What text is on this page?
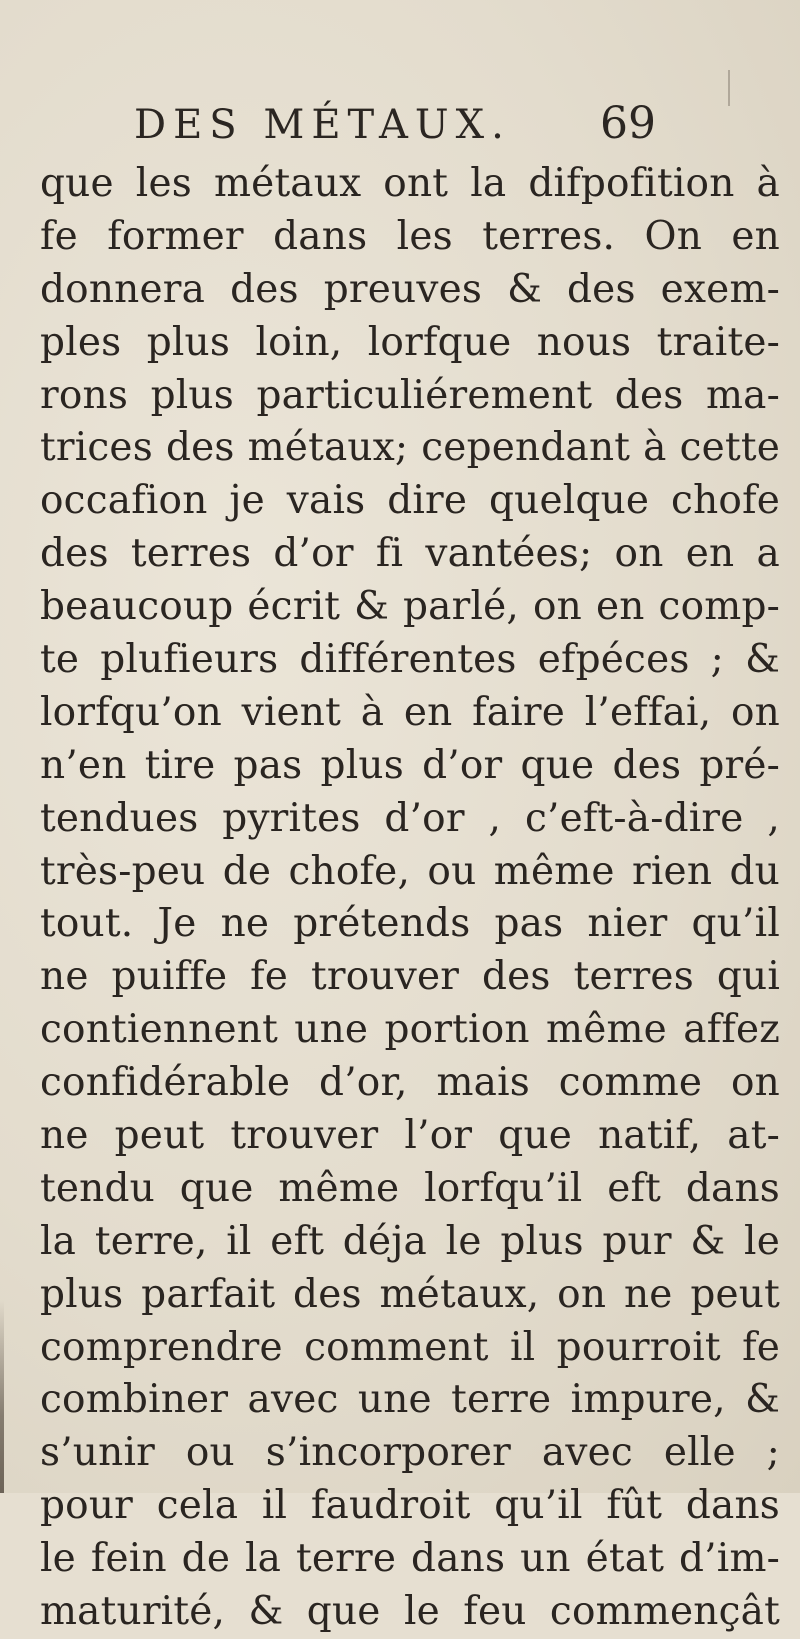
DES MÉTAUX. 69
que les métaux ont la difpofition à
fe former dans les terres. On en
donnera des preuves & des exem-
ples plus loin, lorfque nous traite-
rons plus particuliérement des ma-
trices des métaux; cependant à cette
occafion je vais dire quelque chofe
des terres d’or fi vantées; on en a
beaucoup écrit & parlé, on en comp-
te plufieurs différentes efpéces ; &
lorfqu’on vient à en faire l’effai, on
n’en tire pas plus d’or que des pré-
tendues pyrites d’or , c’eft-à-dire ,
très-peu de chofe, ou même rien du
tout. Je ne prétends pas nier qu’il
ne puiffe fe trouver des terres qui
contiennent une portion même affez
confidérable d’or, mais comme on
ne peut trouver l’or que natif, at-
tendu que même lorfqu’il eft dans
la terre, il eft déja le plus pur & le
plus parfait des métaux, on ne peut
comprendre comment il pourroit fe
combiner avec une terre impure, &
s’unir ou s’incorporer avec elle ;
pour cela il faudroit qu’il fût dans
le fein de la terre dans un état d’im-
maturité, & que le feu commençât
